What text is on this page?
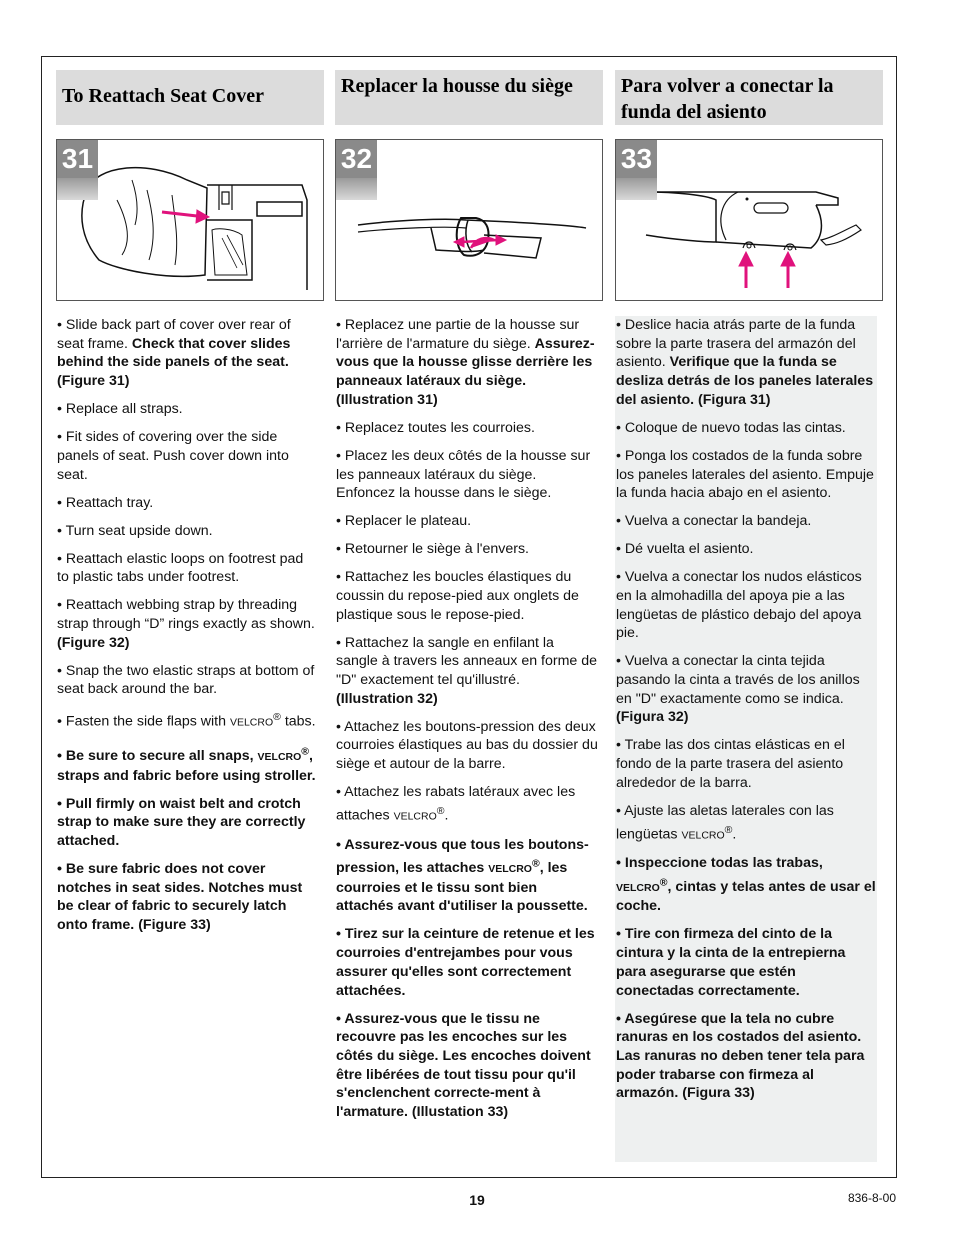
To Reattach Seat Cover
31

• Slide back part of cover over rear of seat frame. Check that cover slides behind the side panels of the seat. (Figure 31)

• Replace all straps.

• Fit sides of covering over the side panels of seat. Push cover down into seat.

• Reattach tray.

• Turn seat upside down.

• Reattach elastic loops on footrest pad to plastic tabs under footrest.

• Reattach webbing strap by threading strap through “D” rings exactly as shown. (Figure 32)

• Snap the two elastic straps at bottom of seat back around the bar.

• Fasten the side flaps with VELCRO® tabs.

• Be sure to secure all snaps, VELCRO®, straps and fabric before using stroller.

• Pull firmly on waist belt and crotch strap to make sure they are correctly attached.

• Be sure fabric does not cover notches in seat sides. Notches must be clear of fabric to securely latch onto frame. (Figure 33)

Replacer la housse du siège
32

• Replacez une partie de la housse sur l'arrière de l'armature du siège. Assurez-vous que la housse glisse derrière les panneaux latéraux du siège. (Illustration 31)

• Replacez toutes les courroies.

• Placez les deux côtés de la housse sur les panneaux latéraux du siège. Enfoncez la housse dans le siège.

• Replacer le plateau.

• Retourner le siège à l'envers.

• Rattachez les boucles élastiques du coussin du repose-pied aux onglets de plastique sous le repose-pied.

• Rattachez la sangle en enfilant la sangle à travers les anneaux en forme de "D" exactement tel qu'illustré. (Illustration 32)

• Attachez les boutons-pression des deux courroies élastiques au bas du dossier du siège et autour de la barre.

• Attachez les rabats latéraux avec les attaches VELCRO®.

• Assurez-vous que tous les boutons-pression, les attaches VELCRO®, les courroies et le tissu sont bien attachés avant d'utiliser la poussette.

• Tirez sur la ceinture de retenue et les courroies d'entrejambes pour vous assurer qu'elles sont correctement attachées.

• Assurez-vous que le tissu ne recouvre pas les encoches sur les côtés du siège. Les encoches doivent être libérées de tout tissu pour qu'il s'enclenchent correcte-ment à l'armature. (Illustation 33)

Para volver a conectar la funda del asiento
33

• Deslice hacia atrás parte de la funda sobre la parte trasera del armazón del asiento. Verifique que la funda se desliza detrás de los paneles laterales del asiento. (Figura 31)

• Coloque de nuevo todas las cintas.

• Ponga los costados de la funda sobre los paneles laterales del asiento. Empuje la funda hacia abajo en el asiento.

• Vuelva a conectar la bandeja.

• Dé vuelta el asiento.

• Vuelva a conectar los nudos elásticos en la almohadilla del apoya pie a las lengüetas de plástico debajo del apoya pie.

• Vuelva a conectar la cinta tejida pasando la cinta a través de los anillos en "D" exactamente como se indica. (Figura 32)

• Trabe las dos cintas elásticas en el fondo de la parte trasera del asiento alrededor de la barra.

• Ajuste las aletas laterales con las lengüetas VELCRO®.

• Inspeccione todas las trabas, VELCRO®, cintas y telas antes de usar el coche.

• Tire con firmeza del cinto de la cintura y la cinta de la entrepierna para asegurarse que estén conectadas correctamente.

• Asegúrese que la tela no cubre ranuras en los costados del asiento. Las ranuras no deben tener tela para poder trabarse con firmeza al armazón. (Figura 33)

19	836-8-00
